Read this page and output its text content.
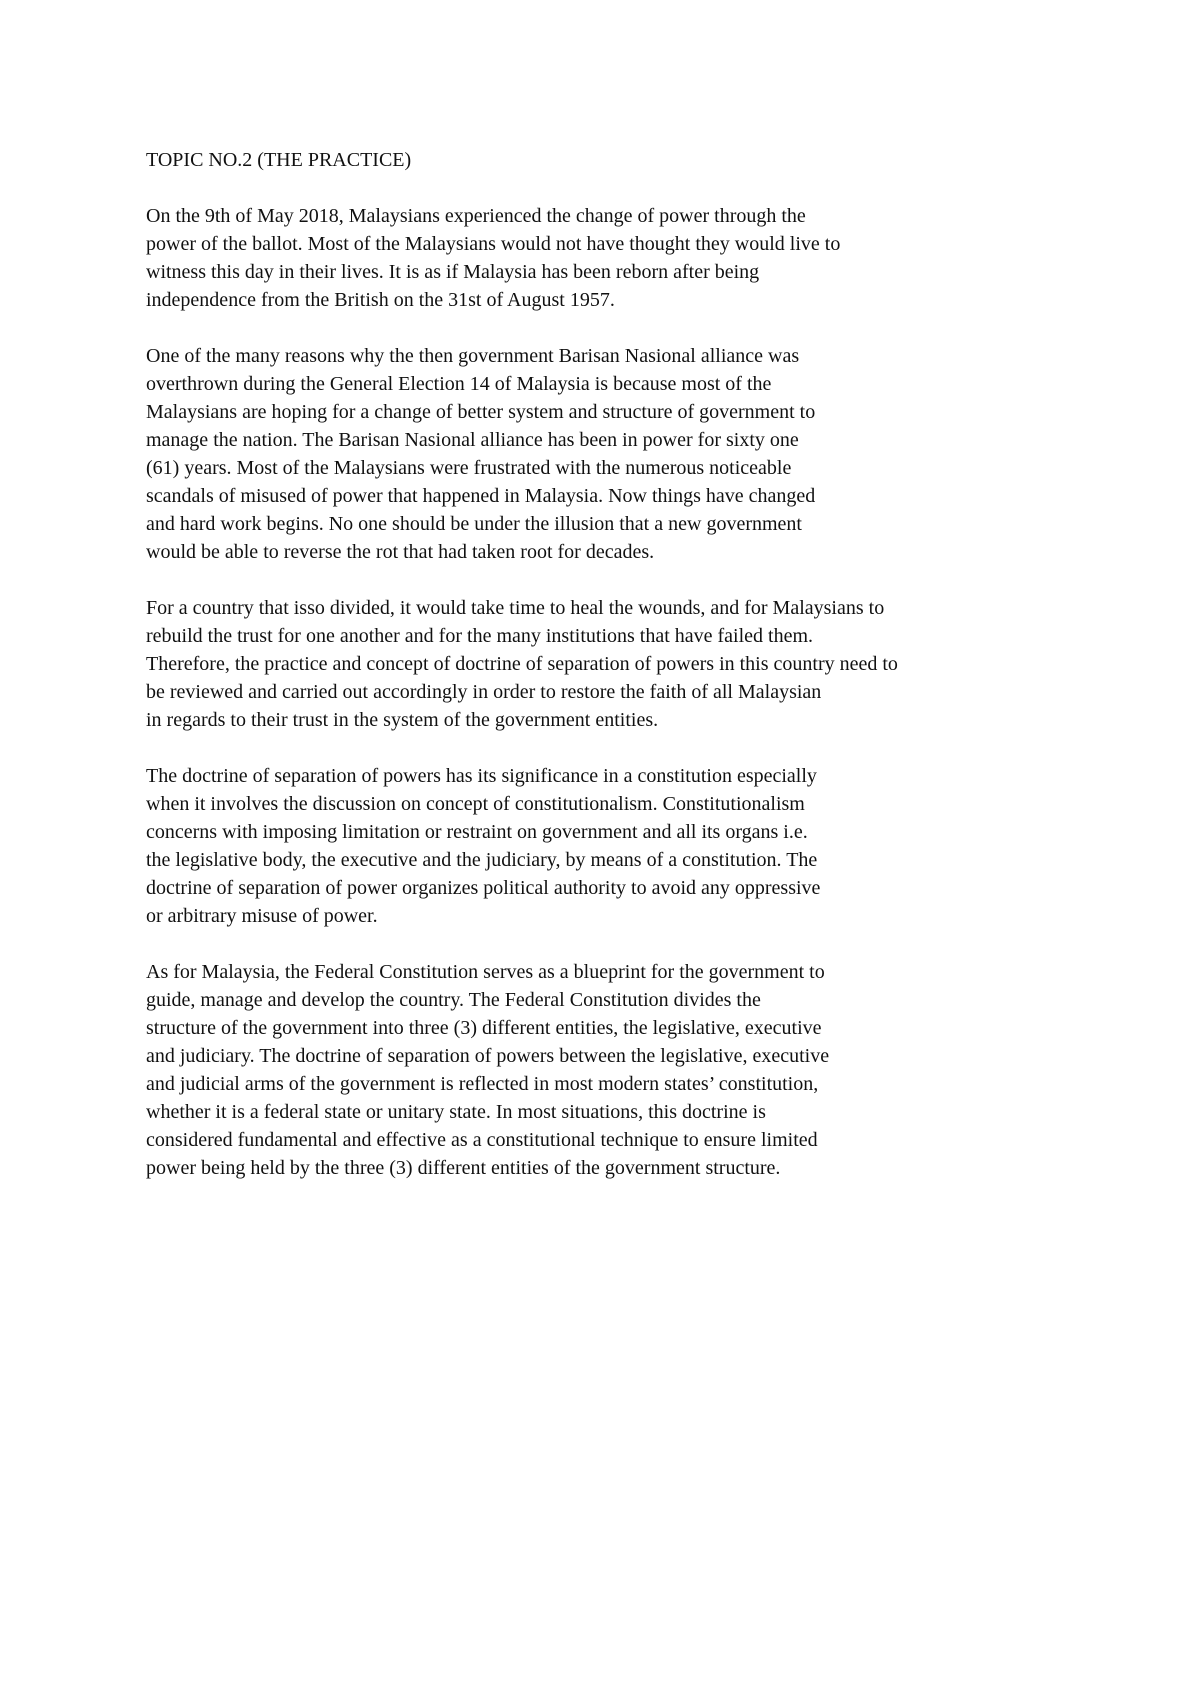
TOPIC NO.2 (THE PRACTICE)
On the 9th of May 2018, Malaysians experienced the change of power through the
power of the ballot. Most of the Malaysians would not have thought they would live to
witness this day in their lives. It is as if Malaysia has been reborn after being
independence from the British on the 31st of August 1957.
One of the many reasons why the then government Barisan Nasional alliance was
overthrown during the General Election 14 of Malaysia is because most of the
Malaysians are hoping for a change of better system and structure of government to
manage the nation. The Barisan Nasional alliance has been in power for sixty one
(61) years. Most of the Malaysians were frustrated with the numerous noticeable
scandals of misused of power that happened in Malaysia. Now things have changed
and hard work begins. No one should be under the illusion that a new government
would be able to reverse the rot that had taken root for decades.
For a country that isso divided, it would take time to heal the wounds, and for Malaysians to
rebuild the trust for one another and for the many institutions that have failed them.
Therefore, the practice and concept of doctrine of separation of powers in this country need to
be reviewed and carried out accordingly in order to restore the faith of all Malaysian
in regards to their trust in the system of the government entities.
The doctrine of separation of powers has its significance in a constitution especially
when it involves the discussion on concept of constitutionalism. Constitutionalism
concerns with imposing limitation or restraint on government and all its organs i.e.
the legislative body, the executive and the judiciary, by means of a constitution. The
doctrine of separation of power organizes political authority to avoid any oppressive
or arbitrary misuse of power.
As for Malaysia, the Federal Constitution serves as a blueprint for the government to
guide, manage and develop the country. The Federal Constitution divides the
structure of the government into three (3) different entities, the legislative, executive
and judiciary. The doctrine of separation of powers between the legislative, executive
and judicial arms of the government is reflected in most modern states’ constitution,
whether it is a federal state or unitary state. In most situations, this doctrine is
considered fundamental and effective as a constitutional technique to ensure limited
power being held by the three (3) different entities of the government structure.
